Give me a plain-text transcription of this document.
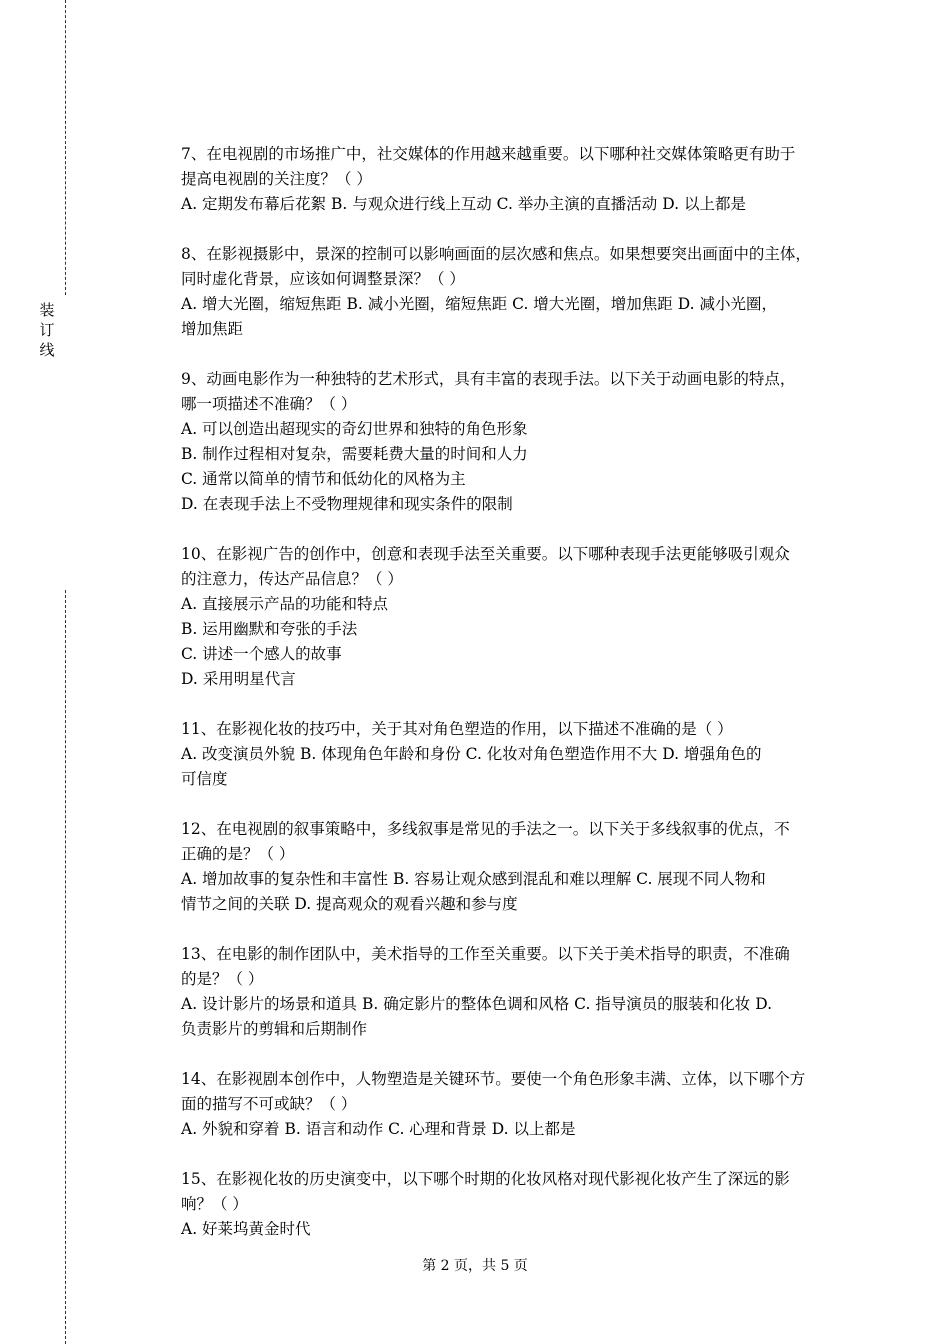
装
订
线

7、在电视剧的市场推广中，社交媒体的作用越来越重要。以下哪种社交媒体策略更有助于

提高电视剧的关注度？（ ）

A. 定期发布幕后花絮 B. 与观众进行线上互动 C. 举办主演的直播活动 D. 以上都是

8、在影视摄影中，景深的控制可以影响画面的层次感和焦点。如果想要突出画面中的主体，

同时虚化背景，应该如何调整景深？（ ）

A. 增大光圈，缩短焦距 B. 减小光圈，缩短焦距 C. 增大光圈，增加焦距 D. 减小光圈，

增加焦距

9、动画电影作为一种独特的艺术形式，具有丰富的表现手法。以下关于动画电影的特点，

哪一项描述不准确？（ ）

A. 可以创造出超现实的奇幻世界和独特的角色形象

B. 制作过程相对复杂，需要耗费大量的时间和人力

C. 通常以简单的情节和低幼化的风格为主

D. 在表现手法上不受物理规律和现实条件的限制

10、在影视广告的创作中，创意和表现手法至关重要。以下哪种表现手法更能够吸引观众

的注意力，传达产品信息？（ ）

A. 直接展示产品的功能和特点

B. 运用幽默和夸张的手法

C. 讲述一个感人的故事

D. 采用明星代言

11、在影视化妆的技巧中，关于其对角色塑造的作用，以下描述不准确的是（ ）

A. 改变演员外貌 B. 体现角色年龄和身份 C. 化妆对角色塑造作用不大 D. 增强角色的

可信度

12、在电视剧的叙事策略中，多线叙事是常见的手法之一。以下关于多线叙事的优点，不

正确的是？（ ）

A. 增加故事的复杂性和丰富性 B. 容易让观众感到混乱和难以理解 C. 展现不同人物和

情节之间的关联 D. 提高观众的观看兴趣和参与度

13、在电影的制作团队中，美术指导的工作至关重要。以下关于美术指导的职责，不准确

的是？（ ）

A. 设计影片的场景和道具 B. 确定影片的整体色调和风格 C. 指导演员的服装和化妆 D.

负责影片的剪辑和后期制作

14、在影视剧本创作中，人物塑造是关键环节。要使一个角色形象丰满、立体，以下哪个方

面的描写不可或缺？（ ）

A. 外貌和穿着 B. 语言和动作 C. 心理和背景 D. 以上都是

15、在影视化妆的历史演变中，以下哪个时期的化妆风格对现代影视化妆产生了深远的影

响？（ ）

A. 好莱坞黄金时代

第 2 页，共 5 页
